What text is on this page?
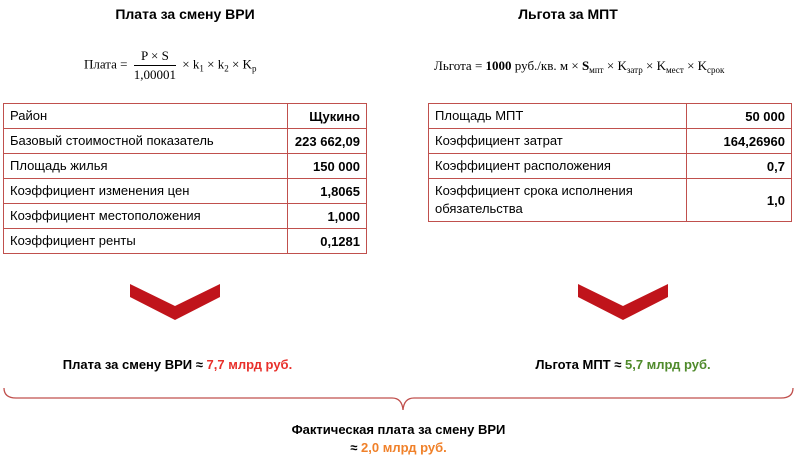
Плата за смену ВРИ	Льгота за МПТ
Плата = $\frac{P \times S}{1,00001} \times k_1 \times k_2 \times K_р$	Льгота = 1000 руб./кв. $м \times S_{мпт} \times K_{затр} \times K_{мест} \times K_{срок}$
Район	Щукино
Базовый стоимостной показатель	223 662,09
Площадь жилья	150 000
Коэффициент изменения цен	1,8065
Коэффициент местоположения	1,000
Коэффициент ренты	0,1281
Площадь МПТ	50 000
Коэффициент затрат	164,26960
Коэффициент расположения	0,7
Коэффициент срока исполнения обязательства	1,0
Плата за смену ВРИ ≈ 7,7 млрд руб.	Льгота МПТ ≈ 5,7 млрд руб.
Фактическая плата за смену ВРИ
≈ 2,0 млрд руб.
